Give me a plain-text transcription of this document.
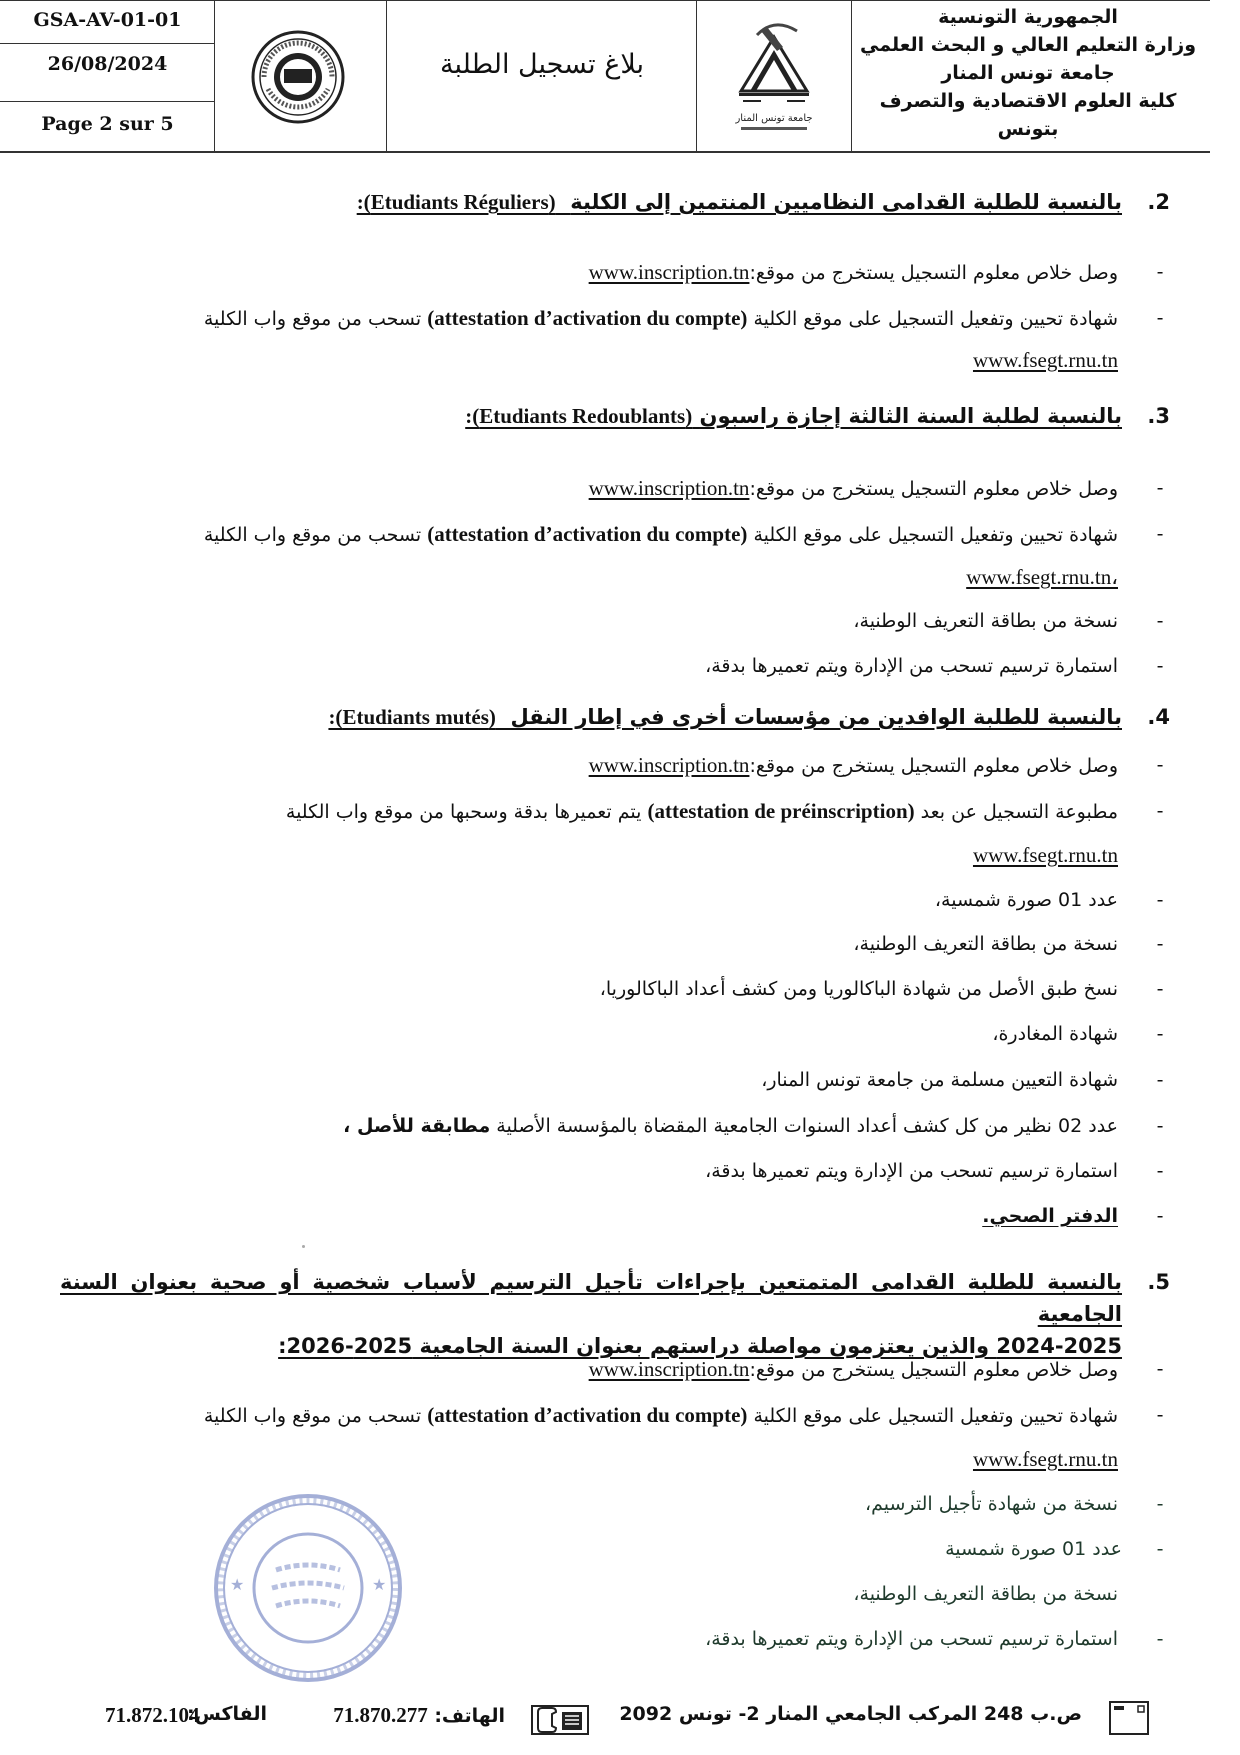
GSA-AV-01-01
26/08/2024
Page 2 sur 5
بلاغ تسجيل الطلبة
جامعة تونس المنار
الجمهورية التونسية
وزارة التعليم العالي و البحث العلمي
جامعة تونس المنار
كلية العلوم الاقتصادية والتصرف بتونس
2.بالنسبة للطلبة القدامى النظاميين المنتمين إلى الكلية  (Etudiants Réguliers):
-
وصل خلاص معلوم التسجيل يستخرج من موقع:www.inscription.tn
-
شهادة تحيين وتفعيل التسجيل على موقع الكلية (attestation d’activation du compte) تسحب من موقع واب الكلية
www.fsegt.rnu.tn
3.بالنسبة لطلبة السنة الثالثة إجازة راسبون (Etudiants Redoublants):
-
وصل خلاص معلوم التسجيل يستخرج من موقع:www.inscription.tn
-
شهادة تحيين وتفعيل التسجيل على موقع الكلية (attestation d’activation du compte) تسحب من موقع واب الكلية
www.fsegt.rnu.tn،
-
نسخة من بطاقة التعريف الوطنية،
-
استمارة ترسيم تسحب من الإدارة ويتم تعميرها بدقة،
4.بالنسبة للطلبة الوافدين من مؤسسات أخرى في إطار النقل  (Etudiants mutés):
-
وصل خلاص معلوم التسجيل يستخرج من موقع:www.inscription.tn
-
مطبوعة التسجيل عن بعد (attestation de préinscription) يتم تعميرها بدقة وسحبها من موقع واب الكلية
www.fsegt.rnu.tn
-
عدد 01 صورة شمسية،
-
نسخة من بطاقة التعريف الوطنية،
-
نسخ طبق الأصل من شهادة الباكالوريا ومن كشف أعداد الباكالوريا،
-
شهادة المغادرة،
-
شهادة التعيين مسلمة من جامعة تونس المنار،
-
عدد 02 نظير من كل كشف أعداد السنوات الجامعية المقضاة بالمؤسسة الأصلية مطابقة للأصل ،
-
استمارة ترسيم تسحب من الإدارة ويتم تعميرها بدقة،
-
الدفتر الصحي.
5.
بالنسبة للطلبة القدامى المتمتعين بإجراءات تأجيل الترسيم لأسباب شخصية أو صحية بعنوان السنة الجامعية
2024-2025 والذين يعتزمون مواصلة دراستهم بعنوان السنة الجامعية 2025-2026:
-
وصل خلاص معلوم التسجيل يستخرج من موقع:www.inscription.tn
-
شهادة تحيين وتفعيل التسجيل على موقع الكلية (attestation d’activation du compte) تسحب من موقع واب الكلية
www.fsegt.rnu.tn
-
نسخة من شهادة تأجيل الترسيم،
-
عدد 01 صورة شمسية
نسخة من بطاقة التعريف الوطنية،
-
استمارة ترسيم تسحب من الإدارة ويتم تعميرها بدقة،
★	★
ص.ب 248 المركب الجامعي المنار 2- تونس 2092
الهاتف: 71.870.277
الفاكس:
71.872.104
